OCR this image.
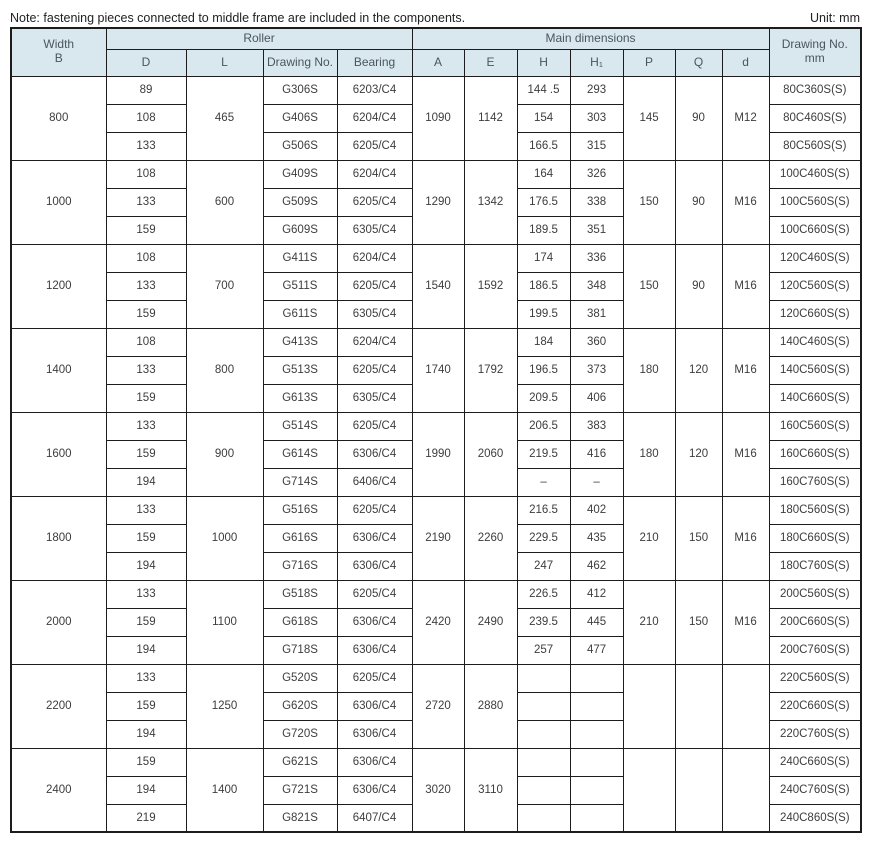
Note: fastening pieces connected to middle frame are included in the components.	Unit: mm
Width
B	Roller				Main dimensions							Drawing No.
mm
	D	L	Drawing No.	Bearing	A	E	H	H₁	P	Q	d	
800	89	465	G306S	6203/C4	1090	1142	144 .5	293	145	90	M12	80C360S(S)
	108		G406S	6204/C4			154	303				80C460S(S)
	133		G506S	6205/C4			166.5	315				80C560S(S)
1000	108	600	G409S	6204/C4	1290	1342	164	326	150	90	M16	100C460S(S)
	133		G509S	6205/C4			176.5	338				100C560S(S)
	159		G609S	6305/C4			189.5	351				100C660S(S)
1200	108	700	G411S	6204/C4	1540	1592	174	336	150	90	M16	120C460S(S)
	133		G511S	6205/C4			186.5	348				120C560S(S)
	159		G611S	6305/C4			199.5	381				120C660S(S)
1400	108	800	G413S	6204/C4	1740	1792	184	360	180	120	M16	140C460S(S)
	133		G513S	6205/C4			196.5	373				140C560S(S)
	159		G613S	6305/C4			209.5	406				140C660S(S)
1600	133	900	G514S	6205/C4	1990	2060	206.5	383	180	120	M16	160C560S(S)
	159		G614S	6306/C4			219.5	416				160C660S(S)
	194		G714S	6406/C4			–	–				160C760S(S)
1800	133	1000	G516S	6205/C4	2190	2260	216.5	402	210	150	M16	180C560S(S)
	159		G616S	6306/C4			229.5	435				180C660S(S)
	194		G716S	6306/C4			247	462				180C760S(S)
2000	133	1100	G518S	6205/C4	2420	2490	226.5	412	210	150	M16	200C560S(S)
	159		G618S	6306/C4			239.5	445				200C660S(S)
	194		G718S	6306/C4			257	477				200C760S(S)
2200	133	1250	G520S	6205/C4	2720	2880						220C560S(S)
	159		G620S	6306/C4								220C660S(S)
	194		G720S	6306/C4								220C760S(S)
2400	159	1400	G621S	6306/C4	3020	3110						240C660S(S)
	194		G721S	6306/C4								240C760S(S)
	219		G821S	6407/C4								240C860S(S)
